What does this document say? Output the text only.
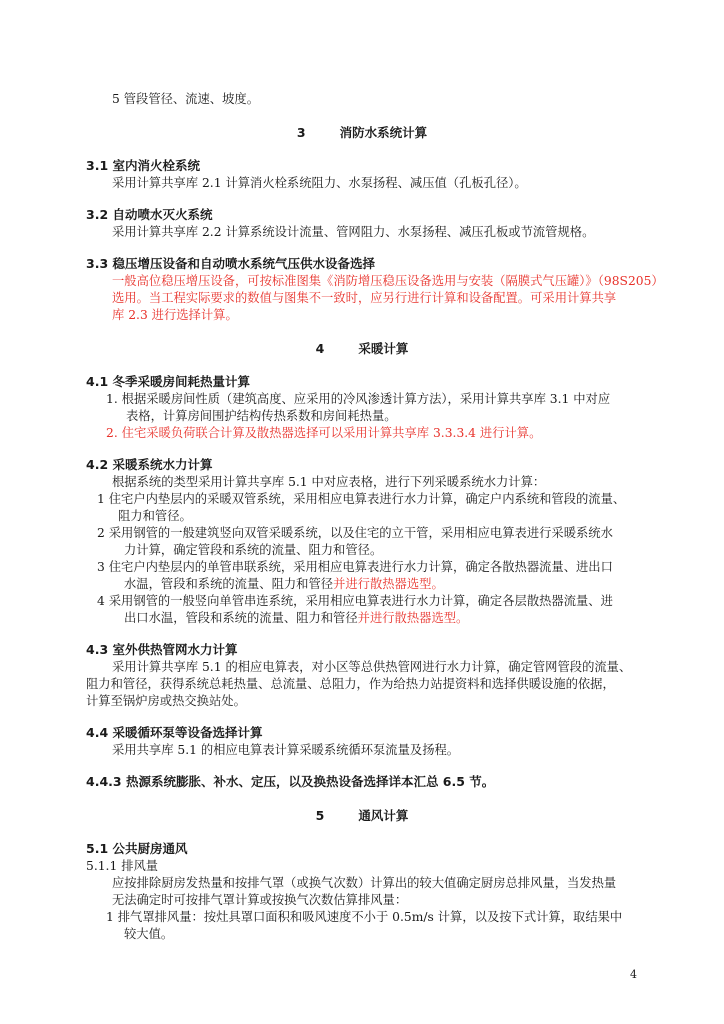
5 管段管径、流速、坡度。
3	消防水系统计算
3.1 室内消火栓系统
采用计算共享库 2.1 计算消火栓系统阻力、水泵扬程、减压值（孔板孔径）。
3.2 自动喷水灭火系统
采用计算共享库 2.2 计算系统设计流量、管网阻力、水泵扬程、减压孔板或节流管规格。
3.3 稳压增压设备和自动喷水系统气压供水设备选择
一般高位稳压增压设备，可按标准图集《消防增压稳压设备选用与安装（隔膜式气压罐）》（98S205）
选用。当工程实际要求的数值与图集不一致时，应另行进行计算和设备配置。可采用计算共享
库 2.3 进行选择计算。
4	采暖计算
4.1 冬季采暖房间耗热量计算
1. 根据采暖房间性质（建筑高度、应采用的冷风渗透计算方法），采用计算共享库 3.1 中对应
表格，计算房间围护结构传热系数和房间耗热量。
2. 住宅采暖负荷联合计算及散热器选择可以采用计算共享库 3.3.3.4 进行计算。
4.2 采暖系统水力计算
根据系统的类型采用计算共享库 5.1 中对应表格，进行下列采暖系统水力计算：
1 住宅户内垫层内的采暖双管系统，采用相应电算表进行水力计算，确定户内系统和管段的流量、
阻力和管径。
2 采用钢管的一般建筑竖向双管采暖系统，以及住宅的立干管，采用相应电算表进行采暖系统水
力计算，确定管段和系统的流量、阻力和管径。
3 住宅户内垫层内的单管串联系统，采用相应电算表进行水力计算，确定各散热器流量、进出口
水温，管段和系统的流量、阻力和管径并进行散热器选型。
4 采用钢管的一般竖向单管串连系统，采用相应电算表进行水力计算，确定各层散热器流量、进
出口水温，管段和系统的流量、阻力和管径并进行散热器选型。
4.3 室外供热管网水力计算
采用计算共享库 5.1 的相应电算表，对小区等总供热管网进行水力计算，确定管网管段的流量、
阻力和管径，获得系统总耗热量、总流量、总阻力，作为给热力站提资料和选择供暖设施的依据，
计算至锅炉房或热交换站处。
4.4 采暖循环泵等设备选择计算
采用共享库 5.1 的相应电算表计算采暖系统循环泵流量及扬程。
4.4.3 热源系统膨胀、补水、定压，以及换热设备选择详本汇总 6.5 节。
5	通风计算
5.1 公共厨房通风
5.1.1 排风量
应按排除厨房发热量和按排气罩（或换气次数）计算出的较大值确定厨房总排风量，当发热量
无法确定时可按排气罩计算或按换气次数估算排风量：
1 排气罩排风量：按灶具罩口面积和吸风速度不小于 0.5m/s 计算，以及按下式计算，取结果中
较大值。
4
